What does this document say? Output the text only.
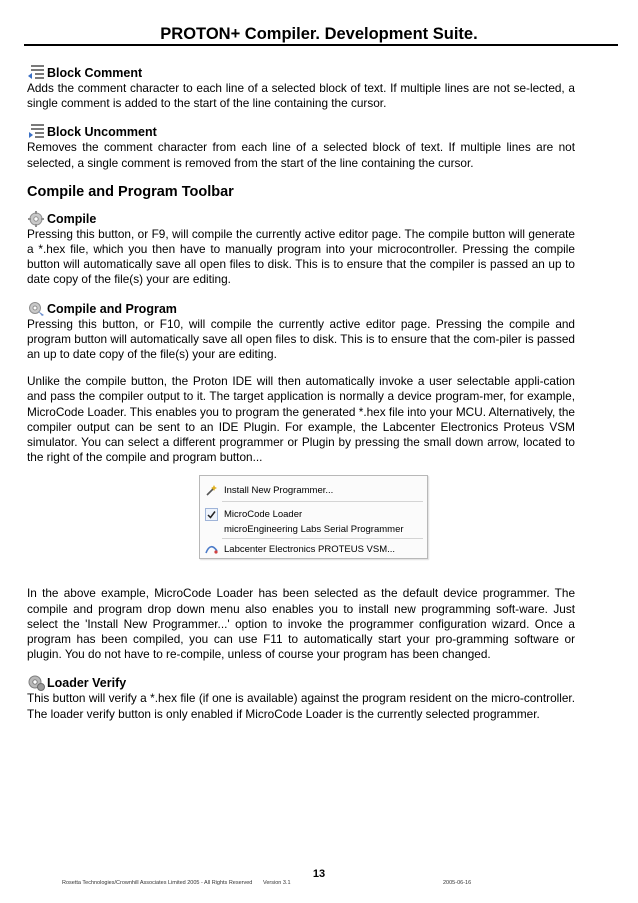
PROTON+ Compiler. Development Suite.
Block Comment

Adds the comment character to each line of a selected block of text. If multiple lines are not se-lected, a single comment is added to the start of the line containing the cursor.

Block Uncomment

Removes the comment character from each line of a selected block of text. If multiple lines are not selected, a single comment is removed from the start of the line containing the cursor.

Compile and Program Toolbar
Compile

Pressing this button, or F9, will compile the currently active editor page. The compile button will generate a *.hex file, which you then have to manually program into your microcontroller. Pressing the compile button will automatically save all open files to disk. This is to ensure that the compiler is passed an up to date copy of the file(s) your are editing.

Compile and Program

Pressing this button, or F10, will compile the currently active editor page. Pressing the compile and program button will automatically save all open files to disk. This is to ensure that the com-piler is passed an up to date copy of the file(s) your are editing.

Unlike the compile button, the Proton IDE will then automatically invoke a user selectable appli-cation and pass the compiler output to it. The target application is normally a device program-mer, for example, MicroCode Loader. This enables you to program the generated *.hex file into your MCU. Alternatively, the compiler output can be sent to an IDE Plugin. For example, the Labcenter Electronics Proteus VSM simulator. You can select a different programmer or Plugin by pressing the small down arrow, located to the right of the compile and program button...

Install New Programmer...
MicroCode Loader
microEngineering Labs Serial Programmer
Labcenter Electronics PROTEUS VSM...

In the above example, MicroCode Loader has been selected as the default device programmer. The compile and program drop down menu also enables you to install new programming soft-ware. Just select the 'Install New Programmer...' option to invoke the programmer configuration wizard. Once a program has been compiled, you can use F11 to automatically start your pro-gramming software or plugin. You do not have to re-compile, unless of course your program has been changed.

Loader Verify

This button will verify a *.hex file (if one is available) against the program resident on the micro-controller. The loader verify button is only enabled if MicroCode Loader is the currently selected programmer.

13
Rosetta Technologies/Crownhill Associates Limited 2005 - All Rights Reserved Version 3.1	2005-06-16
